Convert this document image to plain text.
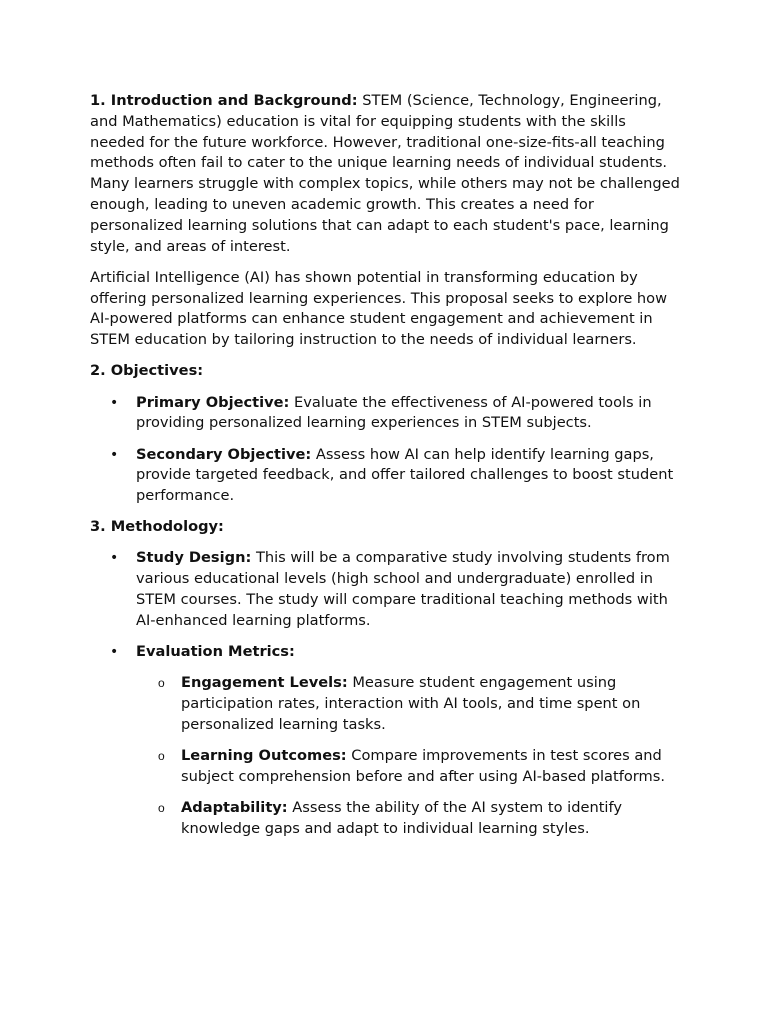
1. Introduction and Background: STEM (Science, Technology, Engineering, and Mathematics) education is vital for equipping students with the skills needed for the future workforce. However, traditional one-size-fits-all teaching methods often fail to cater to the unique learning needs of individual students. Many learners struggle with complex topics, while others may not be challenged enough, leading to uneven academic growth. This creates a need for personalized learning solutions that can adapt to each student's pace, learning style, and areas of interest.

Artificial Intelligence (AI) has shown potential in transforming education by offering personalized learning experiences. This proposal seeks to explore how AI-powered platforms can enhance student engagement and achievement in STEM education by tailoring instruction to the needs of individual learners.

2. Objectives:

• Primary Objective: Evaluate the effectiveness of AI-powered tools in providing personalized learning experiences in STEM subjects.
• Secondary Objective: Assess how AI can help identify learning gaps, provide targeted feedback, and offer tailored challenges to boost student performance.

3. Methodology:

• Study Design: This will be a comparative study involving students from various educational levels (high school and undergraduate) enrolled in STEM courses. The study will compare traditional teaching methods with AI-enhanced learning platforms.
• Evaluation Metrics:
o Engagement Levels: Measure student engagement using participation rates, interaction with AI tools, and time spent on personalized learning tasks.
o Learning Outcomes: Compare improvements in test scores and subject comprehension before and after using AI-based platforms.
o Adaptability: Assess the ability of the AI system to identify knowledge gaps and adapt to individual learning styles.
